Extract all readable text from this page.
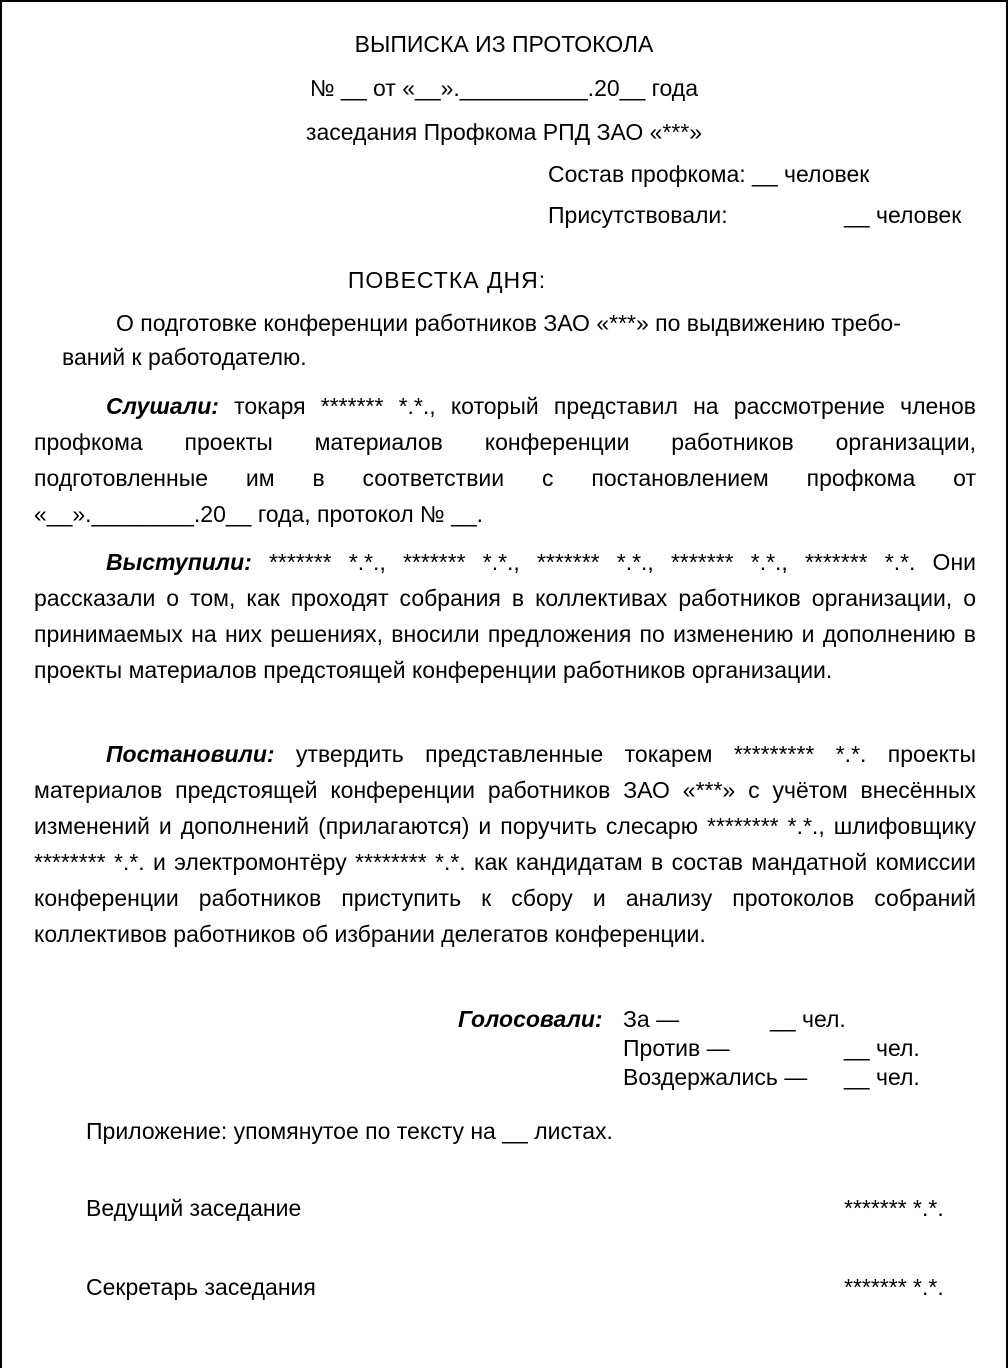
ВЫПИСКА ИЗ ПРОТОКОЛА
№ __ от «__».__________.20__ года
заседания Профкома РПД ЗАО «***»
Состав профкома: __ человек
Присутствовали:	__ человек
ПОВЕСТКА ДНЯ:
О подготовке конференции работников ЗАО «***» по выдвижению требо-
ваний к работодателю.
Слушали: токаря ******* *.*., который представил на рассмотрение членов профкома проекты материалов конференции работников организации, подготовленные им в соответствии с постановлением профкома от «__».________.20__ года, протокол № __.
Выступили: ******* *.*., ******* *.*., ******* *.*., ******* *.*., ******* *.*. Они рассказали о том, как проходят собрания в коллективах работников организации, о принимаемых на них решениях, вносили предложения по изменению и дополнению в проекты материалов предстоящей конференции работников организации.
Постановили: утвердить представленные токарем ********* *.*. проекты материалов предстоящей конференции работников ЗАО «***» с учётом внесённых изменений и дополнений (прилагаются) и поручить слесарю ******** *.*., шлифовщику ******** *.*. и электромонтёру ******** *.*. как кандидатам в состав мандатной комиссии конференции работников приступить к сбору и анализу протоколов собраний коллективов работников об избрании делегатов конференции.
Голосовали: За —	__ чел.
Против —	__ чел.
Воздержались — __ чел.
Приложение: упомянутое по тексту на __ листах.
Ведущий заседание	******* *.*.
Секретарь заседания	******* *.*.
